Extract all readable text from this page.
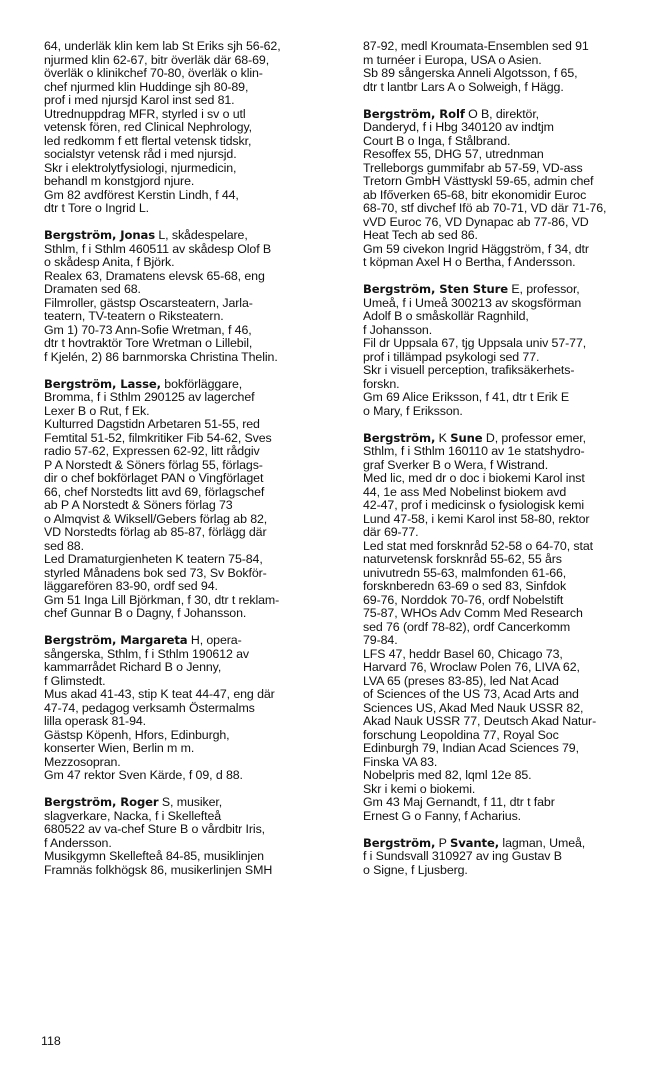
64, underläk klin kem lab St Eriks sjh 56-62,
njurmed klin 62-67, bitr överläk där 68-69,
överläk o klinikchef 70-80, överläk o klin-
chef njurmed klin Huddinge sjh 80-89,
prof i med njursjd Karol inst sed 81.
Utrednuppdrag MFR, styrled i sv o utl
vetensk fören, red Clinical Nephrology,
led redkomm f ett flertal vetensk tidskr,
socialstyr vetensk råd i med njursjd.
Skr i elektrolytfysiologi, njurmedicin,
behandl m konstgjord njure.
Gm 82 avdförest Kerstin Lindh, f 44,
dtr t Tore o Ingrid L.

Bergström, Jonas L, skådespelare,
Sthlm, f i Sthlm 460511 av skådesp Olof B
o skådesp Anita, f Björk.
Realex 63, Dramatens elevsk 65-68, eng
Dramaten sed 68.
Filmroller, gästsp Oscarsteatern, Jarla-
teatern, TV-teatern o Riksteatern.
Gm 1) 70-73 Ann-Sofie Wretman, f 46,
dtr t hovtraktör Tore Wretman o Lillebil,
f Kjelén, 2) 86 barnmorska Christina Thelin.

Bergström, Lasse, bokförläggare,
Bromma, f i Sthlm 290125 av lagerchef
Lexer B o Rut, f Ek.
Kulturred Dagstidn Arbetaren 51-55, red
Femtital 51-52, filmkritiker Fib 54-62, Sves
radio 57-62, Expressen 62-92, litt rådgiv
P A Norstedt & Söners förlag 55, förlags-
dir o chef bokförlaget PAN o Vingförlaget
66, chef Norstedts litt avd 69, förlagschef
ab P A Norstedt & Söners förlag 73
o Almqvist & Wiksell/Gebers förlag ab 82,
VD Norstedts förlag ab 85-87, förlägg där
sed 88.
Led Dramaturgienheten K teatern 75-84,
styrled Månadens bok sed 73, Sv Bokför-
läggarefören 83-90, ordf sed 94.
Gm 51 Inga Lill Björkman, f 30, dtr t reklam-
chef Gunnar B o Dagny, f Johansson.

Bergström, Margareta H, opera-
sångerska, Sthlm, f i Sthlm 190612 av
kammarrådet Richard B o Jenny,
f Glimstedt.
Mus akad 41-43, stip K teat 44-47, eng där
47-74, pedagog verksamh Östermalms
lilla operask 81-94.
Gästsp Köpenh, Hfors, Edinburgh,
konserter Wien, Berlin m m.
Mezzosopran.
Gm 47 rektor Sven Kärde, f 09, d 88.

Bergström, Roger S, musiker,
slagverkare, Nacka, f i Skellefteå
680522 av va-chef Sture B o vårdbitr Iris,
f Andersson.
Musikgymn Skellefteå 84-85, musiklinjen
Framnäs folkhögsk 86, musikerlinjen SMH

87-92, medl Kroumata-Ensemblen sed 91
m turnéer i Europa, USA o Asien.
Sb 89 sångerska Anneli Algotsson, f 65,
dtr t lantbr Lars A o Solweigh, f Hägg.

Bergström, Rolf O B, direktör,
Danderyd, f i Hbg 340120 av indtjm
Court B o Inga, f Stålbrand.
Resoffex 55, DHG 57, utrednman
Trelleborgs gummifabr ab 57-59, VD-ass
Tretorn GmbH Västtyskl 59-65, admin chef
ab Ifőverken 65-68, bitr ekonomidir Euroc
68-70, stf divchef Ifö ab 70-71, VD där 71-76,
vVD Euroc 76, VD Dynapac ab 77-86, VD
Heat Tech ab sed 86.
Gm 59 civekon Ingrid Häggström, f 34, dtr
t köpman Axel H o Bertha, f Andersson.

Bergström, Sten Sture E, professor,
Umeå, f i Umeå 300213 av skogsförman
Adolf B o småskollär Ragnhild,
f Johansson.
Fil dr Uppsala 67, tjg Uppsala univ 57-77,
prof i tillämpad psykologi sed 77.
Skr i visuell perception, trafiksäkerhets-
forskn.
Gm 69 Alice Eriksson, f 41, dtr t Erik E
o Mary, f Eriksson.

Bergström, K Sune D, professor emer,
Sthlm, f i Sthlm 160110 av 1e statshydro-
graf Sverker B o Wera, f Wistrand.
Med lic, med dr o doc i biokemi Karol inst
44, 1e ass Med Nobelinst biokem avd
42-47, prof i medicinsk o fysiologisk kemi
Lund 47-58, i kemi Karol inst 58-80, rektor
där 69-77.
Led stat med forsknråd 52-58 o 64-70, stat
naturvetensk forsknråd 55-62, 55 års
univutredn 55-63, malmfonden 61-66,
forsknberedn 63-69 o sed 83, Sinfdok
69-76, Norddok 70-76, ordf Nobelstift
75-87, WHOs Adv Comm Med Research
sed 76 (ordf 78-82), ordf Cancerkomm
79-84.
LFS 47, heddr Basel 60, Chicago 73,
Harvard 76, Wroclaw Polen 76, LIVA 62,
LVA 65 (preses 83-85), led Nat Acad
of Sciences of the US 73, Acad Arts and
Sciences US, Akad Med Nauk USSR 82,
Akad Nauk USSR 77, Deutsch Akad Natur-
forschung Leopoldina 77, Royal Soc
Edinburgh 79, Indian Acad Sciences 79,
Finska VA 83.
Nobelpris med 82, lqml 12e 85.
Skr i kemi o biokemi.
Gm 43 Maj Gernandt, f 11, dtr t fabr
Ernest G o Fanny, f Acharius.

Bergström, P Svante, lagman, Umeå,
f i Sundsvall 310927 av ing Gustav B
o Signe, f Ljusberg.

118
